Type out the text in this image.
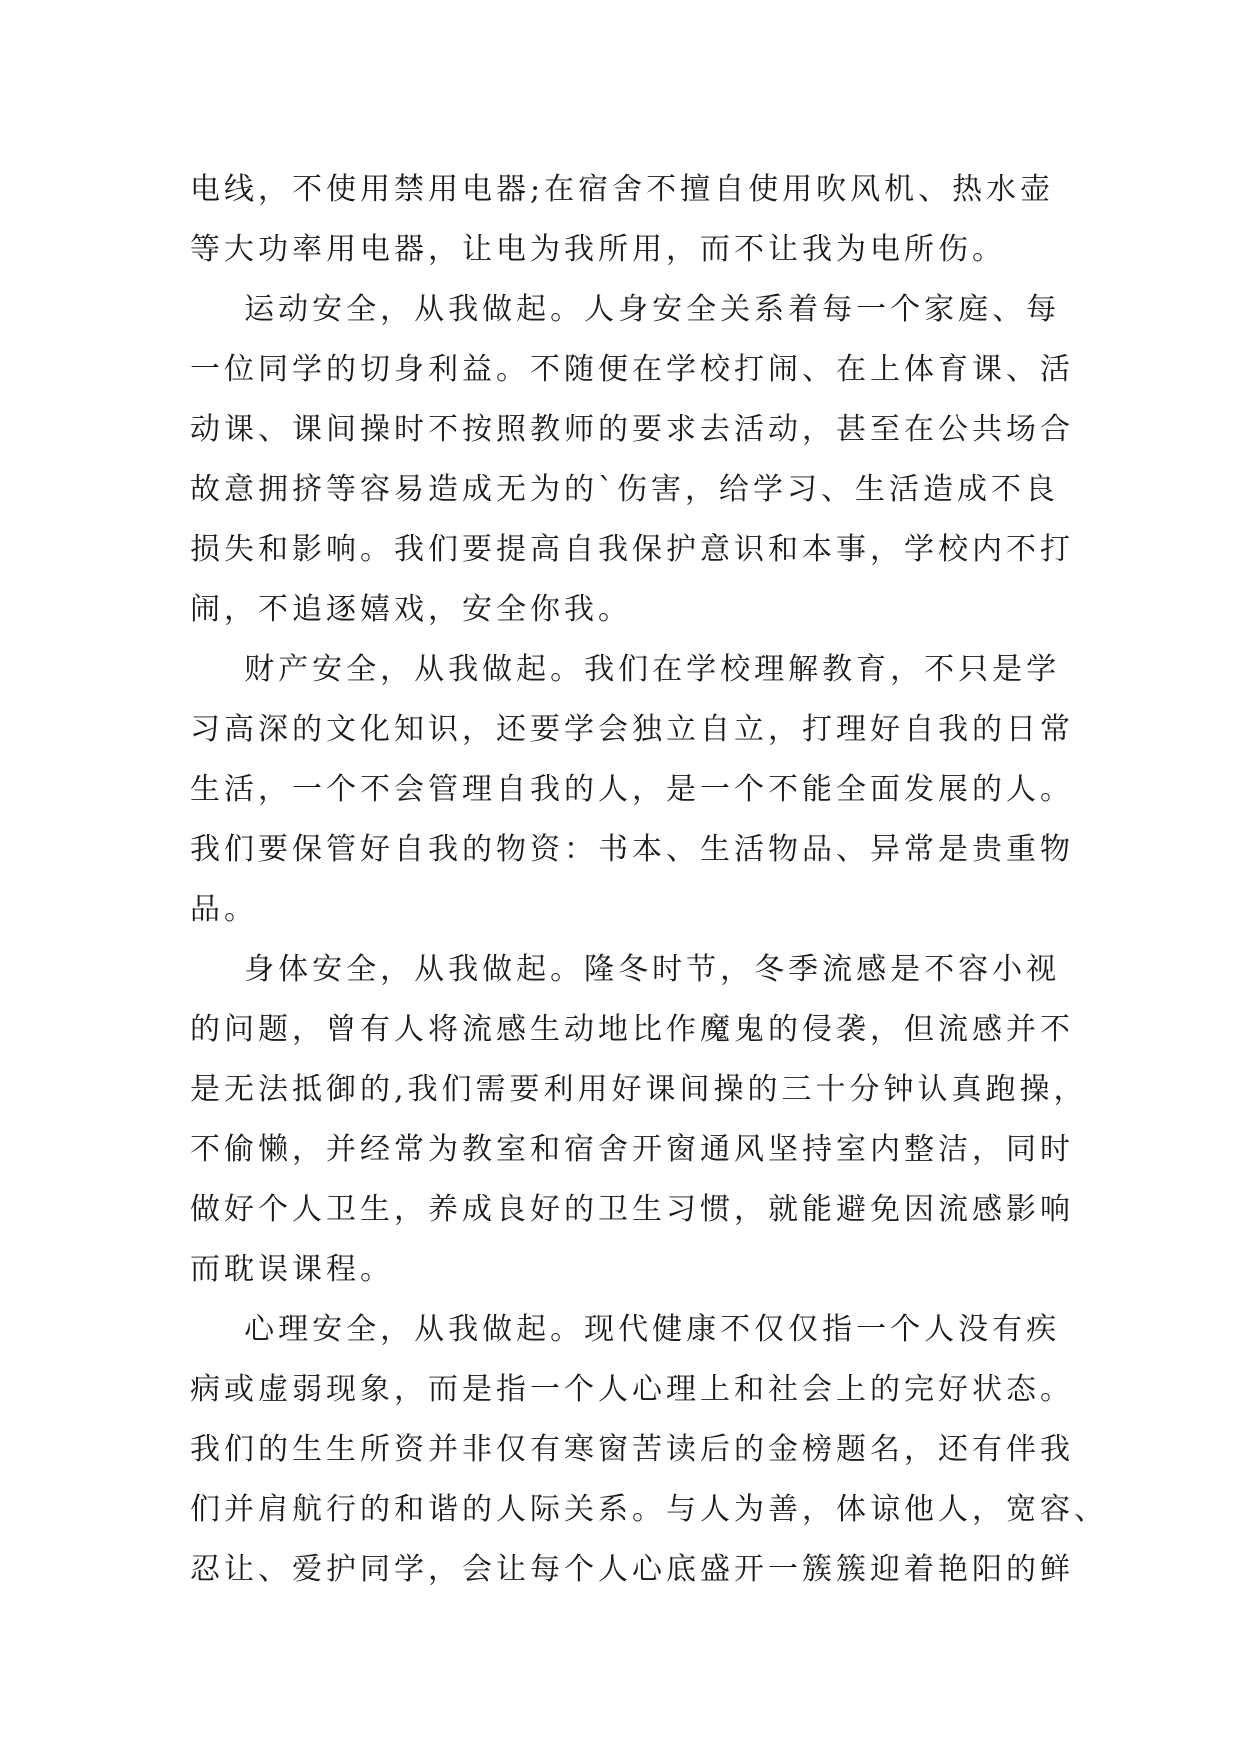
电线，不使用禁用电器;在宿舍不擅自使用吹风机、热水壶
等大功率用电器，让电为我所用，而不让我为电所伤。
运动安全，从我做起。人身安全关系着每一个家庭、每
一位同学的切身利益。不随便在学校打闹、在上体育课、活
动课、课间操时不按照教师的要求去活动，甚至在公共场合
故意拥挤等容易造成无为的`伤害，给学习、生活造成不良
损失和影响。我们要提高自我保护意识和本事，学校内不打
闹，不追逐嬉戏，安全你我。
财产安全，从我做起。我们在学校理解教育，不只是学
习高深的文化知识，还要学会独立自立，打理好自我的日常
生活，一个不会管理自我的人，是一个不能全面发展的人。
我们要保管好自我的物资：书本、生活物品、异常是贵重物
品。
身体安全，从我做起。隆冬时节，冬季流感是不容小视
的问题，曾有人将流感生动地比作魔鬼的侵袭，但流感并不
是无法抵御的,我们需要利用好课间操的三十分钟认真跑操，
不偷懒，并经常为教室和宿舍开窗通风坚持室内整洁，同时
做好个人卫生，养成良好的卫生习惯，就能避免因流感影响
而耽误课程。
心理安全，从我做起。现代健康不仅仅指一个人没有疾
病或虚弱现象，而是指一个人心理上和社会上的完好状态。
我们的生生所资并非仅有寒窗苦读后的金榜题名，还有伴我
们并肩航行的和谐的人际关系。与人为善，体谅他人，宽容、
忍让、爱护同学，会让每个人心底盛开一簇簇迎着艳阳的鲜
